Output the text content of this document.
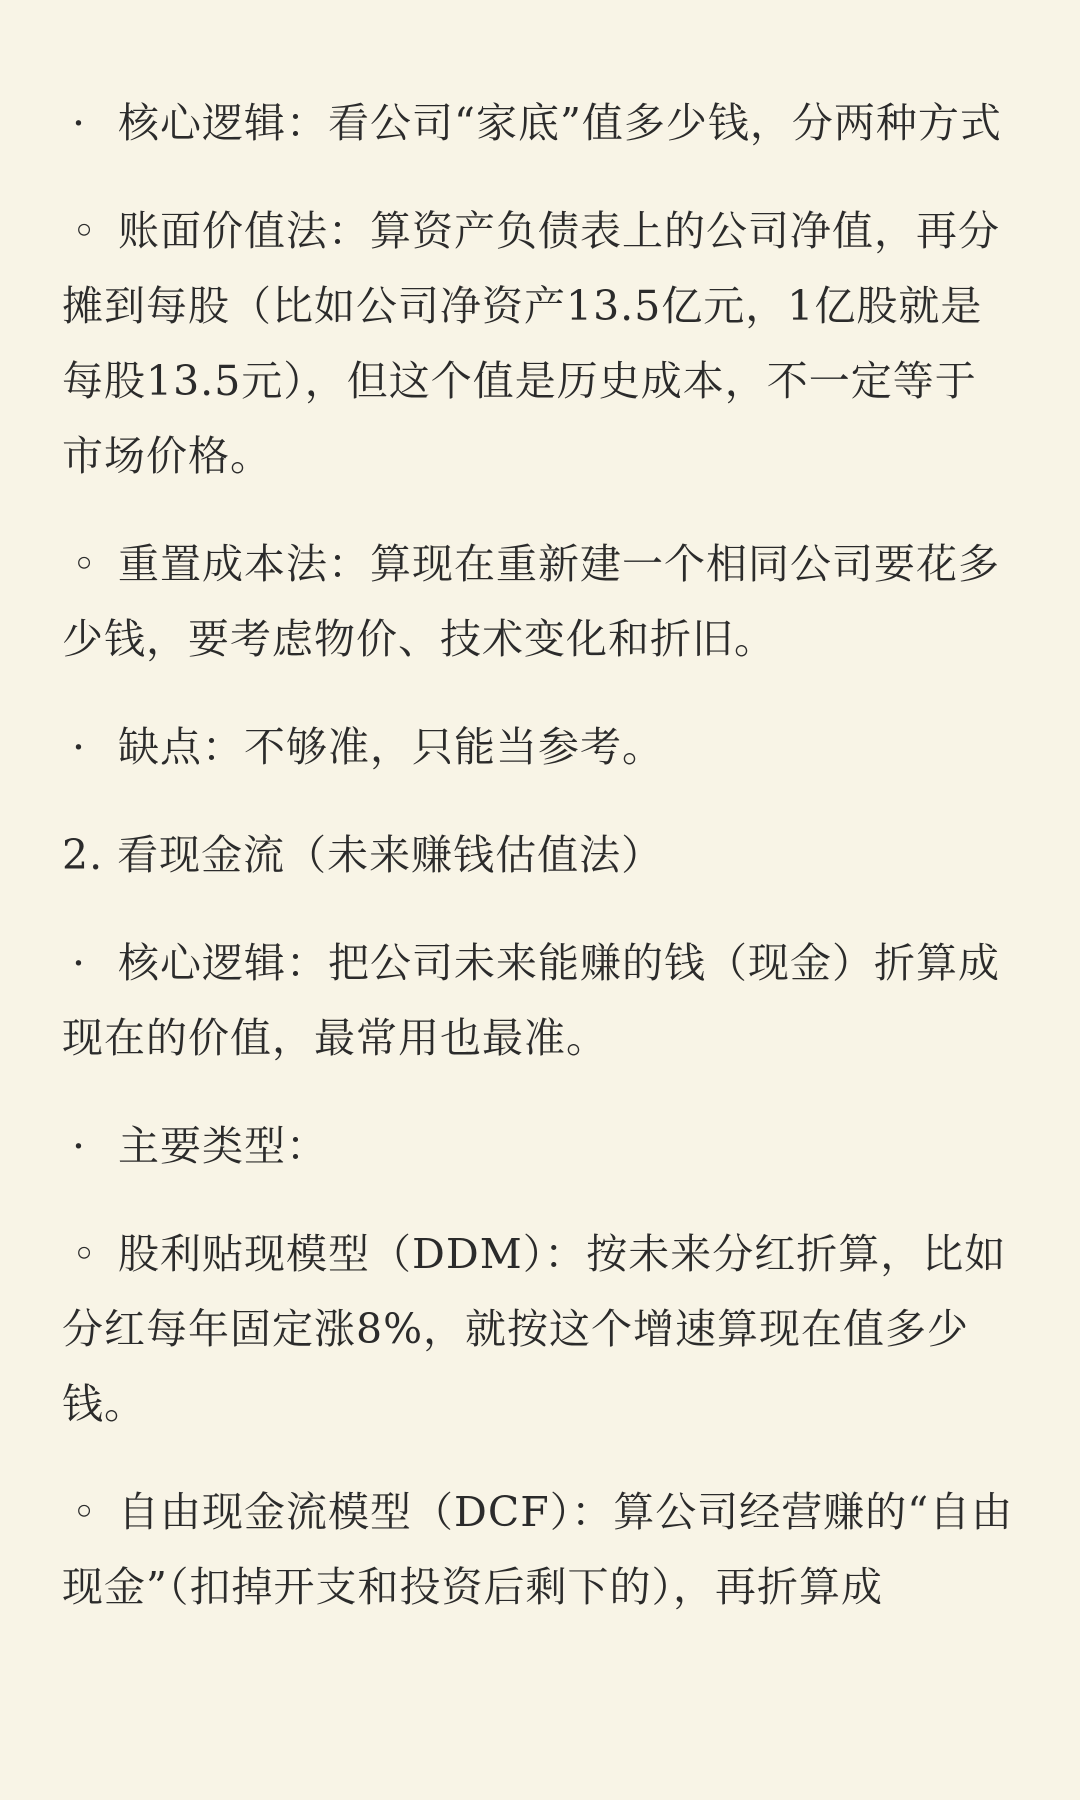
· 核心逻辑：看公司“家底”值多少钱，分两种方式

◦ 账面价值法：算资产负债表上的公司净值，再分摊到每股（比如公司净资产13.5亿元，1亿股就是每股13.5元），但这个值是历史成本，不一定等于市场价格。

◦ 重置成本法：算现在重新建一个相同公司要花多少钱，要考虑物价、技术变化和折旧。

· 缺点：不够准，只能当参考。

2. 看现金流（未来赚钱估值法）

· 核心逻辑：把公司未来能赚的钱（现金）折算成现在的价值，最常用也最准。

· 主要类型：

◦ 股利贴现模型（DDM）：按未来分红折算，比如分红每年固定涨8%，就按这个增速算现在值多少钱。

◦ 自由现金流模型（DCF）：算公司经营赚的“自由现金”（扣掉开支和投资后剩下的），再折算成
